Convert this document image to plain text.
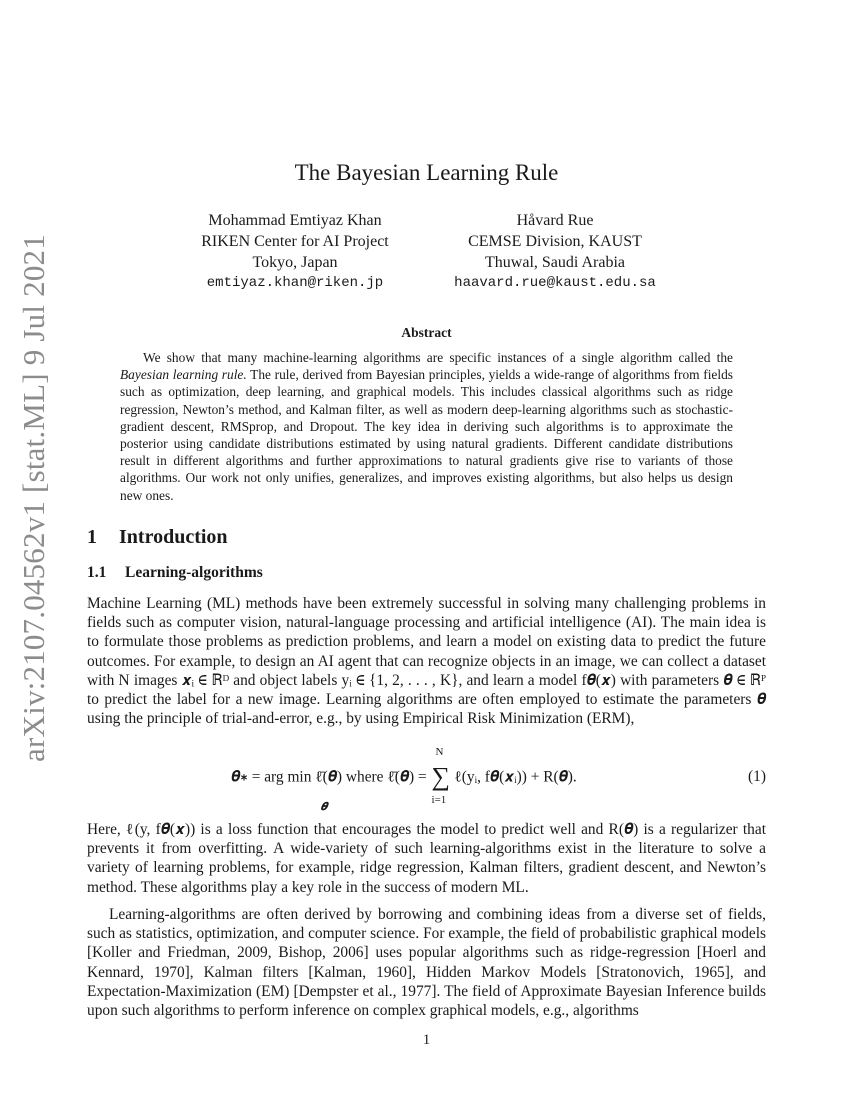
arXiv:2107.04562v1 [stat.ML] 9 Jul 2021
The Bayesian Learning Rule
Mohammad Emtiyaz Khan
RIKEN Center for AI Project
Tokyo, Japan
emtiyaz.khan@riken.jp
Håvard Rue
CEMSE Division, KAUST
Thuwal, Saudi Arabia
haavard.rue@kaust.edu.sa
Abstract

We show that many machine-learning algorithms are specific instances of a single algorithm called the Bayesian learning rule. The rule, derived from Bayesian principles, yields a wide-range of algorithms from fields such as optimization, deep learning, and graphical models. This includes classical algorithms such as ridge regression, Newton’s method, and Kalman filter, as well as modern deep-learning algorithms such as stochastic-gradient descent, RMSprop, and Dropout. The key idea in deriving such algorithms is to approximate the posterior using candidate distributions estimated by using natural gradients. Different candidate distributions result in different algorithms and further approximations to natural gradients give rise to variants of those algorithms. Our work not only unifies, generalizes, and improves existing algorithms, but also helps us design new ones.

1 Introduction
1.1 Learning-algorithms

Machine Learning (ML) methods have been extremely successful in solving many challenging problems in fields such as computer vision, natural-language processing and artificial intelligence (AI). The main idea is to formulate those problems as prediction problems, and learn a model on existing data to predict the future outcomes. For example, to design an AI agent that can recognize objects in an image, we can collect a dataset with N images 𝒙ᵢ ∈ ℝᴰ and object labels yᵢ ∈ {1, 2, . . . , K}, and learn a model f𝜽(𝒙) with parameters 𝜽 ∈ ℝᴾ to predict the label for a new image. Learning algorithms are often employed to estimate the parameters 𝜽 using the principle of trial-and-error, e.g., by using Empirical Risk Minimization (ERM),

𝜽∗ = arg min
𝜽
ℓ̄(𝜽) where ℓ̄(𝜽) =
N
∑
i=1
ℓ(yᵢ, f𝜽(𝒙ᵢ)) + R(𝜽).	(1)

Here, ℓ(y, f𝜽(𝒙)) is a loss function that encourages the model to predict well and R(𝜽) is a regularizer that prevents it from overfitting. A wide-variety of such learning-algorithms exist in the literature to solve a variety of learning problems, for example, ridge regression, Kalman filters, gradient descent, and Newton’s method. These algorithms play a key role in the success of modern ML.

Learning-algorithms are often derived by borrowing and combining ideas from a diverse set of fields, such as statistics, optimization, and computer science. For example, the field of probabilistic graphical models [Koller and Friedman, 2009, Bishop, 2006] uses popular algorithms such as ridge-regression [Hoerl and Kennard, 1970], Kalman filters [Kalman, 1960], Hidden Markov Models [Stratonovich, 1965], and Expectation-Maximization (EM) [Dempster et al., 1977]. The field of Approximate Bayesian Inference builds upon such algorithms to perform inference on complex graphical models, e.g., algorithms

1
